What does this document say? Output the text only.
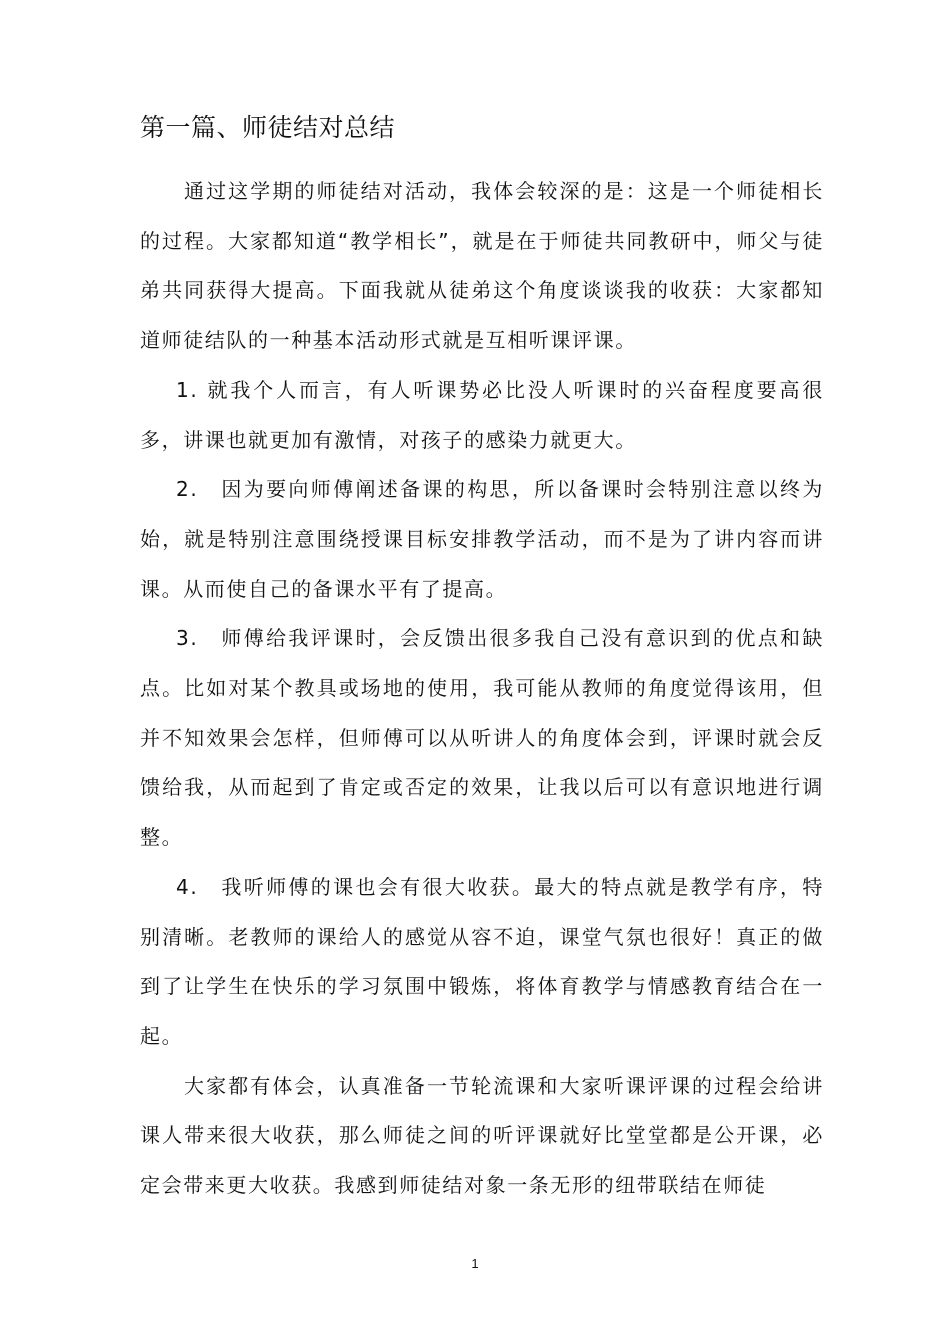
第一篇、师徒结对总结

通过这学期的师徒结对活动，我体会较深的是：这是一个师徒相长的过程。大家都知道“教学相长”，就是在于师徒共同教研中，师父与徒弟共同获得大提高。下面我就从徒弟这个角度谈谈我的收获：大家都知道师徒结队的一种基本活动形式就是互相听课评课。

1. 就我个人而言，有人听课势必比没人听课时的兴奋程度要高很多，讲课也就更加有激情，对孩子的感染力就更大。

2.　因为要向师傅阐述备课的构思，所以备课时会特别注意以终为始，就是特别注意围绕授课目标安排教学活动，而不是为了讲内容而讲课。从而使自己的备课水平有了提高。

3.　师傅给我评课时，会反馈出很多我自己没有意识到的优点和缺点。比如对某个教具或场地的使用，我可能从教师的角度觉得该用，但并不知效果会怎样，但师傅可以从听讲人的角度体会到，评课时就会反馈给我，从而起到了肯定或否定的效果，让我以后可以有意识地进行调整。

4.　我听师傅的课也会有很大收获。最大的特点就是教学有序，特别清晰。老教师的课给人的感觉从容不迫，课堂气氛也很好！真正的做到了让学生在快乐的学习氛围中锻炼，将体育教学与情感教育结合在一起。

大家都有体会，认真准备一节轮流课和大家听课评课的过程会给讲课人带来很大收获，那么师徒之间的听评课就好比堂堂都是公开课，必定会带来更大收获。我感到师徒结对象一条无形的纽带联结在师徒

1
